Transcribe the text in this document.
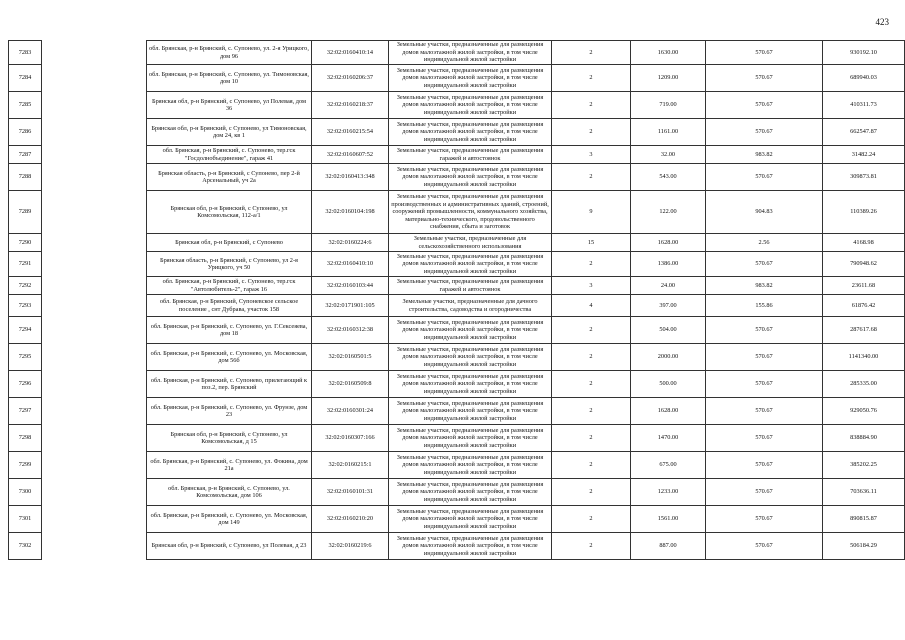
423
7283		обл. Брянская, р-н Брянский, с. Супонево, ул. 2-я Урицкого, дом 96	32:02:0160410:14	Земельные участки, предназначенные для размещения домов малоэтажной жилой застройки, в том числе индивидуальной жилой застройки	2	1630.00	570.67	930192.10
7284		обл. Брянская, р-н Брянский, с. Супонево, ул. Тимоновская, дом 10	32:02:0160206:37	Земельные участки, предназначенные для размещения домов малоэтажной жилой застройки, в том числе индивидуальной жилой застройки	2	1209.00	570.67	689940.03
7285		Брянская обл, р-н Брянский, с Супонево, ул Полевая, дом 36	32:02:0160218:37	Земельные участки, предназначенные для размещения домов малоэтажной жилой застройки, в том числе индивидуальной жилой застройки	2	719.00	570.67	410311.73
7286		Брянская обл, р-н Брянский, с Супонево, ул Тимоновская, дом 24, кв 1	32:02:0160215:54	Земельные участки, предназначенные для размещения домов малоэтажной жилой застройки, в том числе индивидуальной жилой застройки	2	1161.00	570.67	662547.87
7287		обл. Брянская, р-н Брянский, с. Супонево, тер.гск "Госдолнобъединение", гараж 41	32:02:0160607:52	Земельные участки, предназначенные для размещения гаражей и автостоянок	3	32.00	983.82	31482.24
7288		Брянская область, р-н Брянский, с Супонево, пер 2-й Арсенальный, уч 2а	32:02:0160413:348	Земельные участки, предназначенные для размещения домов малоэтажной жилой застройки, в том числе индивидуальной жилой застройки	2	543.00	570.67	309873.81
7289		Брянская обл, р-н Брянский, с Супонево, ул Комсомольская, 112-а/1	32:02:0160104:198	Земельные участки, предназначенные для размещения производственных и административных зданий, строений, сооружений промышленности, коммунального хозяйства, материально-технического, продовольственного снабжения, сбыта и заготовок	9	122.00	904.83	110389.26
7290		Брянская обл, р-н Брянский, с Супонево	32:02:0160224:6	Земельные участки, предназначенные для сельскохозяйственного использования	15	1628.00	2.56	4168.98
7291		Брянская область, р-н Брянский, с Супонево, ул 2-я Урицкого, уч 50	32:02:0160410:10	Земельные участки, предназначенные для размещения домов малоэтажной жилой застройки, в том числе индивидуальной жилой застройки	2	1386.00	570.67	790948.62
7292		обл. Брянская, р-н Брянский, с. Супонево, тер.гск "Автолюбитель-2", гараж 16	32:02:0160103:44	Земельные участки, предназначенные для размещения гаражей и автостоянок	3	24.00	983.82	23611.68
7293		обл. Брянская, р-н Брянский, Супоневское сельское поселение , снт Дубрава, участок 158	32:02:0171901:105	Земельные участки, предназначенные для дачного строительства, садоводства и огородничества	4	397.00	155.86	61876.42
7294		обл. Брянская, р-н Брянский, с. Супонево, ул. Г.Сексеяева, дом 18	32:02:0160312:38	Земельные участки, предназначенные для размещения домов малоэтажной жилой застройки, в том числе индивидуальной жилой застройки	2	504.00	570.67	287617.68
7295		обл. Брянская, р-н Брянский, с. Супонево, ул. Московская, дом 56б	32:02:0160501:5	Земельные участки, предназначенные для размещения домов малоэтажной жилой застройки, в том числе индивидуальной жилой застройки	2	2000.00	570.67	1141340.00
7296		обл. Брянская, р-н Брянский, с. Супонево, прилегающий к поз.2, пер. Брянский	32:02:0160509:8	Земельные участки, предназначенные для размещения домов малоэтажной жилой застройки, в том числе индивидуальной жилой застройки	2	500.00	570.67	285335.00
7297		обл. Брянская, р-н Брянский, с. Супонево, ул. Фрунзе, дом 23	32:02:0160301:24	Земельные участки, предназначенные для размещения домов малоэтажной жилой застройки, в том числе индивидуальной жилой застройки	2	1628.00	570.67	929050.76
7298		Брянская обл, р-н Брянский, с Супонево, ул Комсомольская, д 15	32:02:0160307:166	Земельные участки, предназначенные для размещения домов малоэтажной жилой застройки, в том числе индивидуальной жилой застройки	2	1470.00	570.67	838884.90
7299		обл. Брянская, р-н Брянский, с. Супонево, ул. Фокина, дом 21а	32:02:0160215:1	Земельные участки, предназначенные для размещения домов малоэтажной жилой застройки, в том числе индивидуальной жилой застройки	2	675.00	570.67	385202.25
7300		обл. Брянская, р-н Брянский, с. Супонево, ул. Комсомольская, дом 106	32:02:0160101:31	Земельные участки, предназначенные для размещения домов малоэтажной жилой застройки, в том числе индивидуальной жилой застройки	2	1233.00	570.67	703636.11
7301		обл. Брянская, р-н Брянский, с. Супонево, ул. Московская, дом 149	32:02:0160210:20	Земельные участки, предназначенные для размещения домов малоэтажной жилой застройки, в том числе индивидуальной жилой застройки	2	1561.00	570.67	890815.87
7302		Брянская обл, р-н Брянский, с Супонево, ул Полевая, д 23	32:02:0160219:6	Земельные участки, предназначенные для размещения домов малоэтажной жилой застройки, в том числе индивидуальной жилой застройки	2	887.00	570.67	506184.29
